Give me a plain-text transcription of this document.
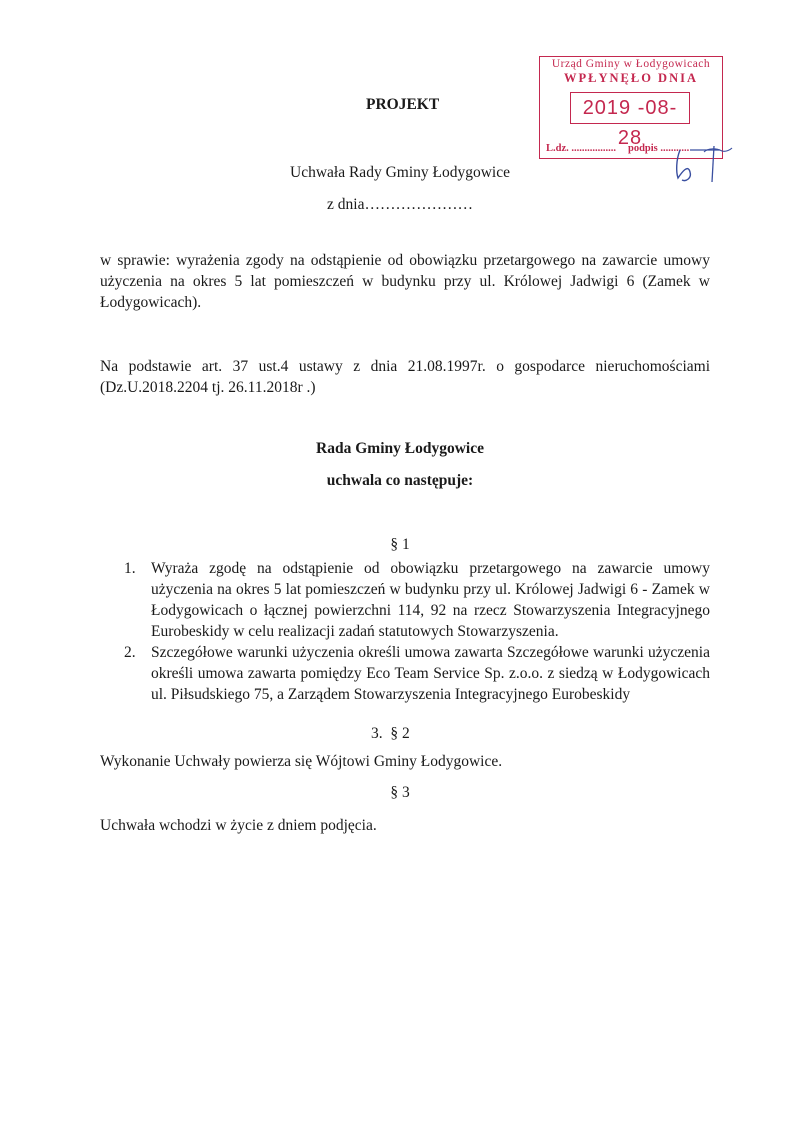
Urząd Gminy w Łodygowicach
WPŁYNĘŁO DNIA
2019 -08- 28
L.dz. ................. podpis ...........
PROJEKT
Uchwała Rady Gminy Łodygowice
z dnia…………………
w sprawie: wyrażenia zgody na odstąpienie od obowiązku przetargowego na zawarcie umowy użyczenia na okres 5 lat pomieszczeń w budynku przy ul. Królowej Jadwigi 6 (Zamek w Łodygowicach).
Na podstawie art. 37 ust.4 ustawy z dnia 21.08.1997r. o gospodarce nieruchomościami (Dz.U.2018.2204 tj. 26.11.2018r .)
Rada Gminy Łodygowice
uchwala co następuje:
§ 1
1. Wyraża zgodę na odstąpienie od obowiązku przetargowego na zawarcie umowy użyczenia na okres 5 lat pomieszczeń w budynku przy ul. Królowej Jadwigi 6 - Zamek w Łodygowicach o łącznej powierzchni 114, 92 na rzecz Stowarzyszenia Integracyjnego Eurobeskidy w celu realizacji zadań statutowych Stowarzyszenia.
2. Szczegółowe warunki użyczenia określi umowa zawarta Szczegółowe warunki użyczenia określi umowa zawarta pomiędzy Eco Team Service Sp. z.o.o. z siedzą w Łodygowicach ul. Piłsudskiego 75, a Zarządem Stowarzyszenia Integracyjnego Eurobeskidy
3.  § 2
Wykonanie Uchwały powierza się Wójtowi Gminy Łodygowice.
§ 3
Uchwała wchodzi w życie z dniem podjęcia.
